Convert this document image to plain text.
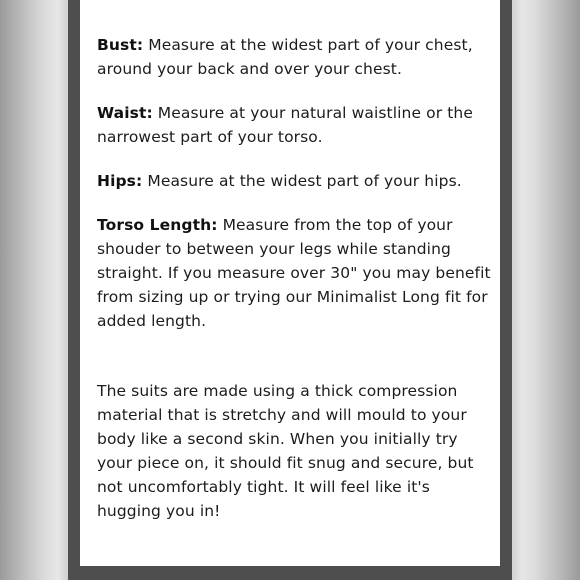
Bust: Measure at the widest part of your chest, around your back and over your chest.

Waist: Measure at your natural waistline or the narrowest part of your torso.

Hips: Measure at the widest part of your hips.

Torso Length: Measure from the top of your shouder to between your legs while standing straight. If you measure over 30" you may benefit from sizing up or trying our Minimalist Long fit for added length.

The suits are made using a thick compression material that is stretchy and will mould to your body like a second skin. When you initially try your piece on, it should fit snug and secure, but not uncomfortably tight. It will feel like it's hugging you in!
